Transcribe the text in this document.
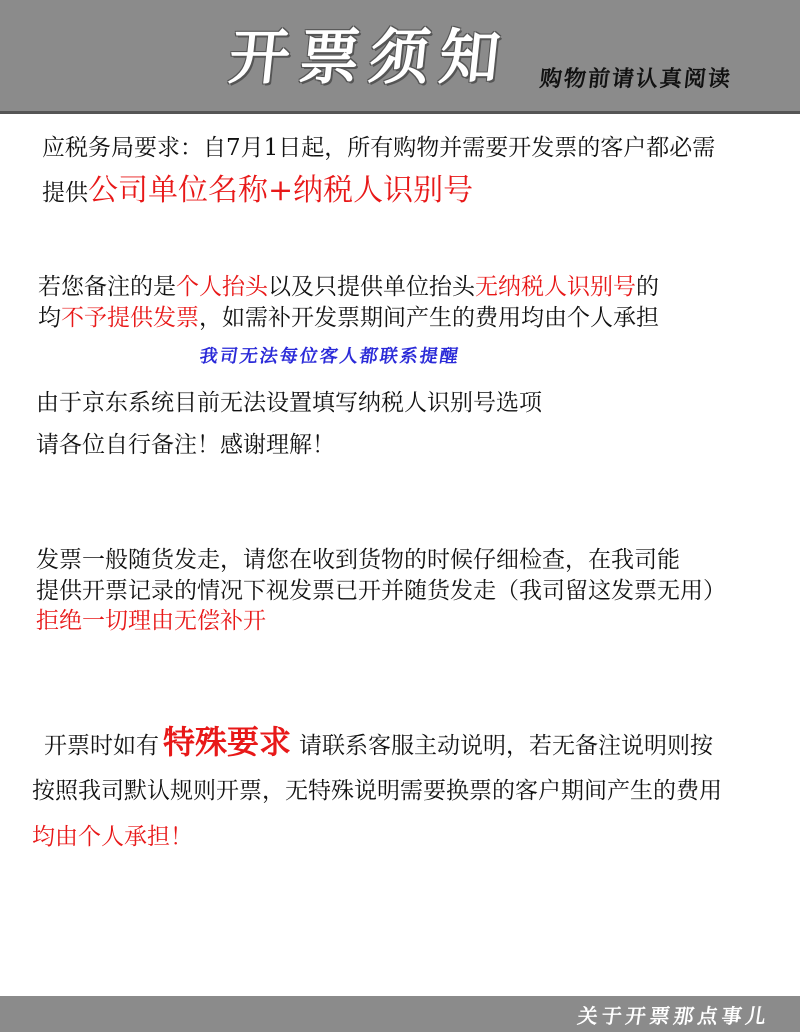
开票须知 购物前请认真阅读
应税务局要求：自7月1日起，所有购物并需要开发票的客户都必需
提供公司单位名称+纳税人识别号
若您备注的是个人抬头以及只提供单位抬头无纳税人识别号的
均不予提供发票，如需补开发票期间产生的费用均由个人承担
我司无法每位客人都联系提醒
由于京东系统目前无法设置填写纳税人识别号选项
请各位自行备注！感谢理解！
发票一般随货发走，请您在收到货物的时候仔细检查，在我司能
提供开票记录的情况下视发票已开并随货发走（我司留这发票无用）
拒绝一切理由无偿补开
开票时如有 特殊要求 请联系客服主动说明，若无备注说明则按
按照我司默认规则开票，无特殊说明需要换票的客户期间产生的费用
均由个人承担！
关于开票那点事儿
